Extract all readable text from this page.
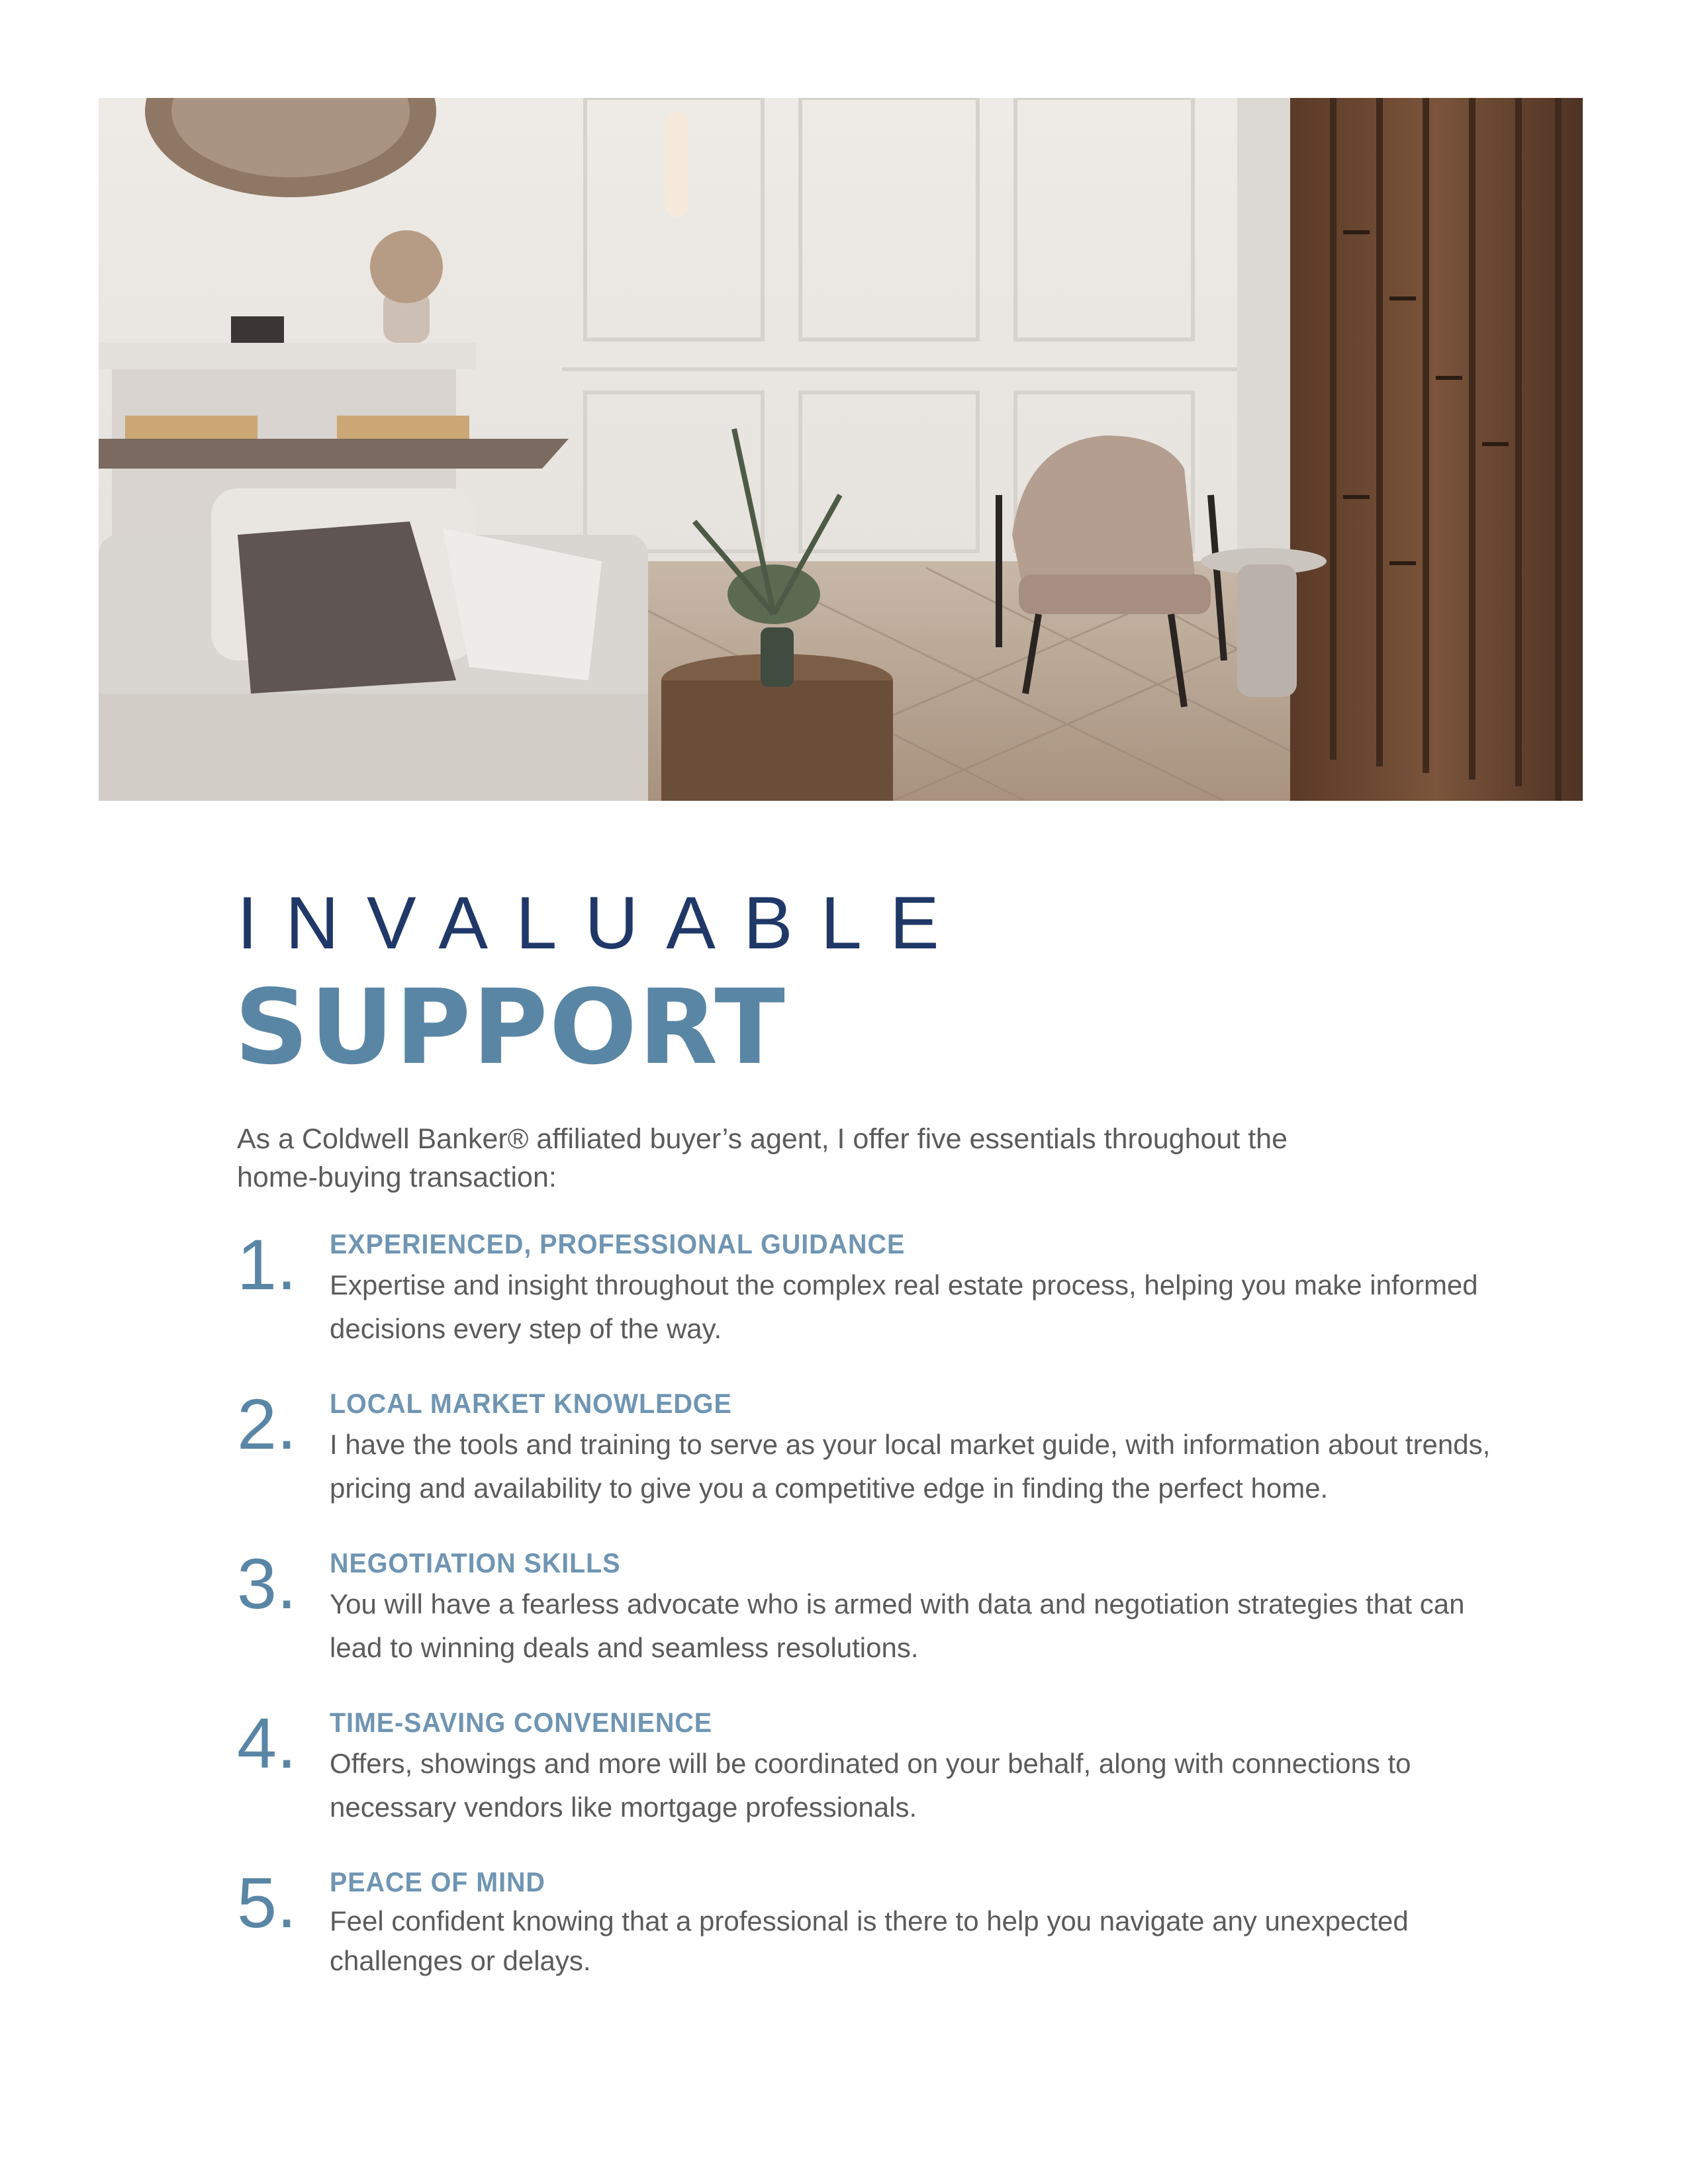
INVALUABLE
SUPPORT

As a Coldwell Banker® affiliated buyer’s agent, I offer five essentials throughout the home-buying transaction:

1. EXPERIENCED, PROFESSIONAL GUIDANCE
Expertise and insight throughout the complex real estate process, helping you make informed decisions every step of the way.
2. LOCAL MARKET KNOWLEDGE
I have the tools and training to serve as your local market guide, with information about trends, pricing and availability to give you a competitive edge in finding the perfect home.
3. NEGOTIATION SKILLS
You will have a fearless advocate who is armed with data and negotiation strategies that can lead to winning deals and seamless resolutions.
4. TIME-SAVING CONVENIENCE
Offers, showings and more will be coordinated on your behalf, along with connections to necessary vendors like mortgage professionals.
5. PEACE OF MIND
Feel confident knowing that a professional is there to help you navigate any unexpected challenges or delays.
